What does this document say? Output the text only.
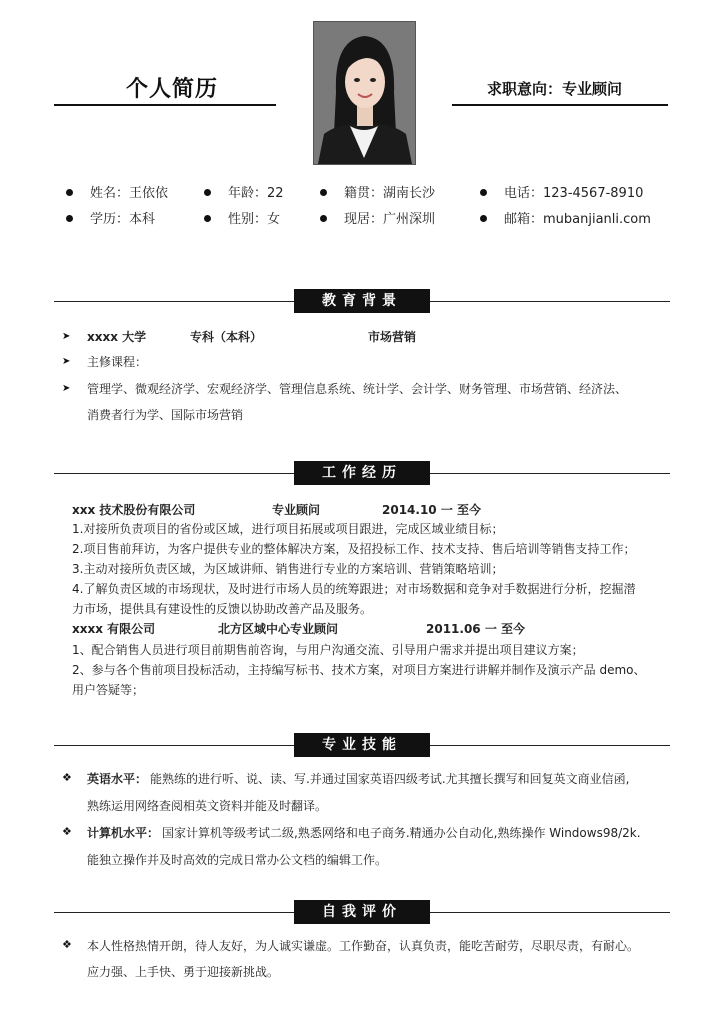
个人简历	求职意向：专业顾问
姓名：王依依	年龄：22	籍贯：湖南长沙	电话：123-4567-8910
学历：本科	性别：女	现居：广州深圳	邮箱：mubanjianli.com
教育背景
➤ xxxx 大学	专科（本科）	市场营销
➤ 主修课程：
➤ 管理学、微观经济学、宏观经济学、管理信息系统、统计学、会计学、财务管理、市场营销、经济法、
消费者行为学、国际市场营销
工作经历
xxx 技术股份有限公司	专业顾问	2014.10 一 至今
1.对接所负责项目的省份或区域，进行项目拓展或项目跟进，完成区域业绩目标；
2.项目售前拜访，为客户提供专业的整体解决方案，及招投标工作、技术支持、售后培训等销售支持工作；
3.主动对接所负责区域，为区域讲师、销售进行专业的方案培训、营销策略培训；
4.了解负责区域的市场现状，及时进行市场人员的统筹跟进；对市场数据和竞争对手数据进行分析，挖掘潜
力市场，提供具有建设性的反馈以协助改善产品及服务。
xxxx 有限公司	北方区域中心专业顾问	2011.06 一 至今
1、配合销售人员进行项目前期售前咨询，与用户沟通交流、引导用户需求并提出项目建议方案；
2、参与各个售前项目投标活动，主持编写标书、技术方案，对项目方案进行讲解并制作及演示产品 demo、
用户答疑等；
专业技能
❖ 英语水平： 能熟练的进行听、说、读、写.并通过国家英语四级考试.尤其擅长撰写和回复英文商业信函,
熟练运用网络查阅相英文资料并能及时翻译。
❖ 计算机水平： 国家计算机等级考试二级,熟悉网络和电子商务.精通办公自动化,熟练操作 Windows98/2k.
能独立操作并及时高效的完成日常办公文档的编辑工作。
自我评价
❖ 本人性格热情开朗，待人友好，为人诚实谦虚。工作勤奋，认真负责，能吃苦耐劳，尽职尽责，有耐心。
应力强、上手快、勇于迎接新挑战。
